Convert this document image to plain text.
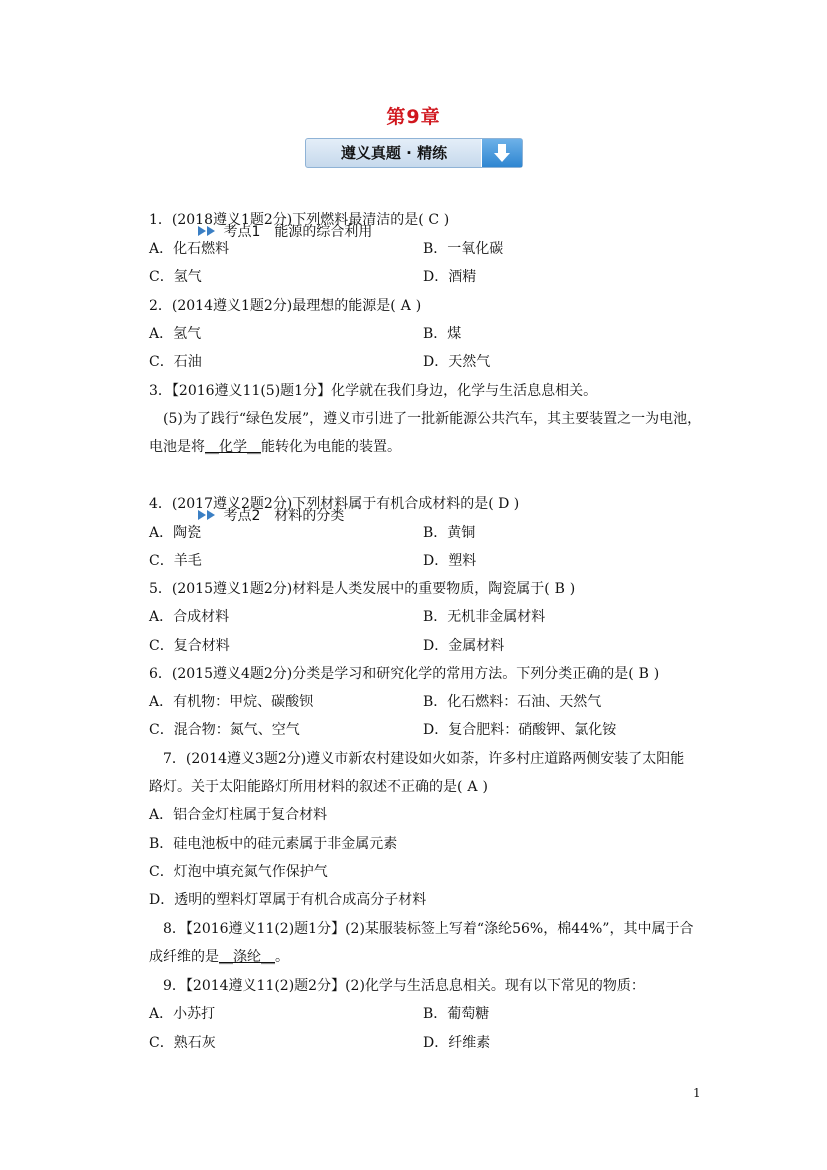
第9章
遵义真题 · 精练

考点1　能源的综合利用

1．(2018遵义1题2分)下列燃料最清洁的是( C )
A．化石燃料	B．一氧化碳
C．氢气	D．酒精
2．(2014遵义1题2分)最理想的能源是( A )
A．氢气	B．煤
C．石油	D．天然气
3．【2016遵义11(5)题1分】化学就在我们身边，化学与生活息息相关。
(5)为了践行“绿色发展”，遵义市引进了一批新能源公共汽车，其主要装置之一为电池，
电池是将__化学__能转化为电能的装置。

考点2　材料的分类

4．(2017遵义2题2分)下列材料属于有机合成材料的是( D )
A．陶瓷	B．黄铜
C．羊毛	D．塑料
5．(2015遵义1题2分)材料是人类发展中的重要物质，陶瓷属于( B )
A．合成材料	B．无机非金属材料
C．复合材料	D．金属材料
6．(2015遵义4题2分)分类是学习和研究化学的常用方法。下列分类正确的是( B )
A．有机物：甲烷、碳酸钡	B．化石燃料：石油、天然气
C．混合物：氮气、空气	D．复合肥料：硝酸钾、氯化铵
7．(2014遵义3题2分)遵义市新农村建设如火如荼，许多村庄道路两侧安装了太阳能
路灯。关于太阳能路灯所用材料的叙述不正确的是( A )
A．铝合金灯柱属于复合材料
B．硅电池板中的硅元素属于非金属元素
C．灯泡中填充氮气作保护气
D．透明的塑料灯罩属于有机合成高分子材料
8．【2016遵义11(2)题1分】(2)某服装标签上写着“涤纶56%，棉44%”，其中属于合
成纤维的是__涤纶__。
9．【2014遵义11(2)题2分】(2)化学与生活息息相关。现有以下常见的物质：
A．小苏打	B．葡萄糖
C．熟石灰	D．纤维素
1
